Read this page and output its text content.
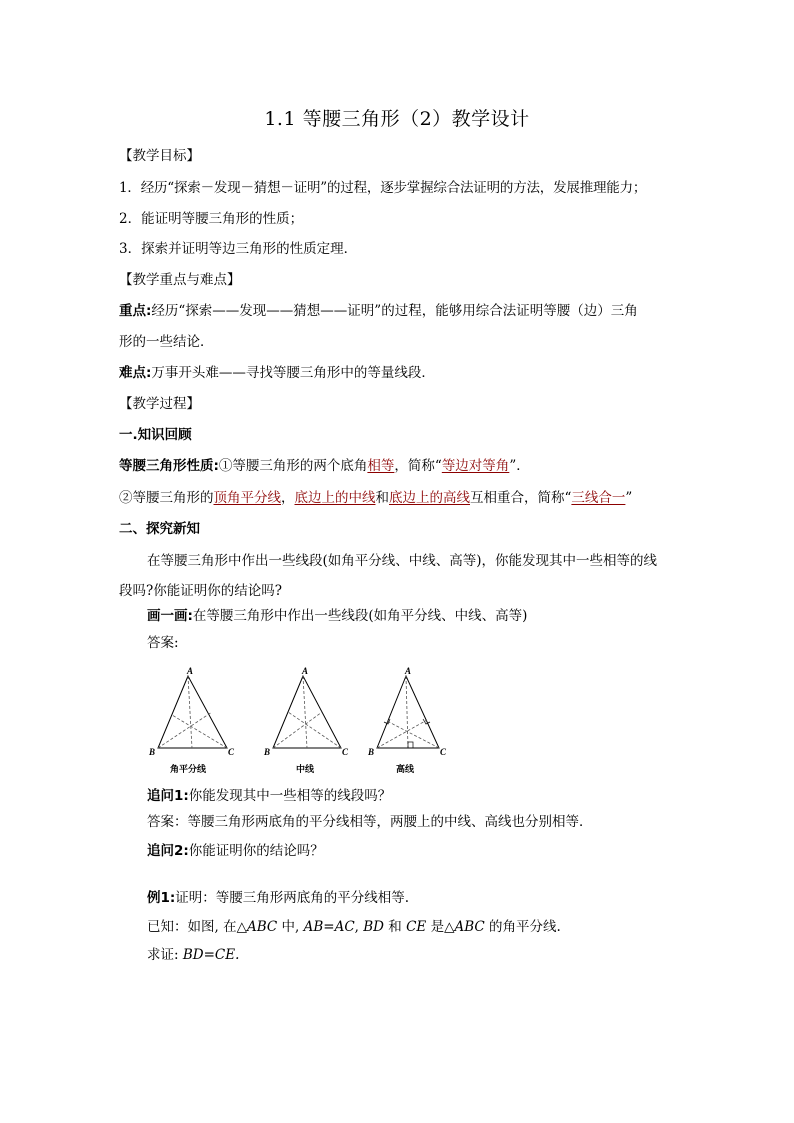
1.1 等腰三角形（2）教学设计
【教学目标】
1．经历“探索－发现－猜想－证明”的过程，逐步掌握综合法证明的方法，发展推理能力；
2．能证明等腰三角形的性质；
3．探索并证明等边三角形的性质定理．
【教学重点与难点】
重点:经历“探索——发现——猜想——证明”的过程，能够用综合法证明等腰（边）三角
形的一些结论．
难点:万事开头难——寻找等腰三角形中的等量线段．
【教学过程】
一.知识回顾
等腰三角形性质:①等腰三角形的两个底角相等，简称“等边对等角”．
②等腰三角形的顶角平分线，底边上的中线和底边上的高线互相重合，简称“三线合一”
二、探究新知
在等腰三角形中作出一些线段(如角平分线、中线、高等)，你能发现其中一些相等的线
段吗?你能证明你的结论吗?
画一画:在等腰三角形中作出一些线段(如角平分线、中线、高等)
答案:
A
B	C
角平分线
A
B	C
中线
A
B	C
高线
追问1:你能发现其中一些相等的线段吗？
答案：等腰三角形两底角的平分线相等，两腰上的中线、高线也分别相等．
追问2:你能证明你的结论吗？
例1:证明：等腰三角形两底角的平分线相等.
已知：如图, 在△ABC 中, AB=AC, BD 和 CE 是△ABC 的角平分线.
求证: BD=CE.
